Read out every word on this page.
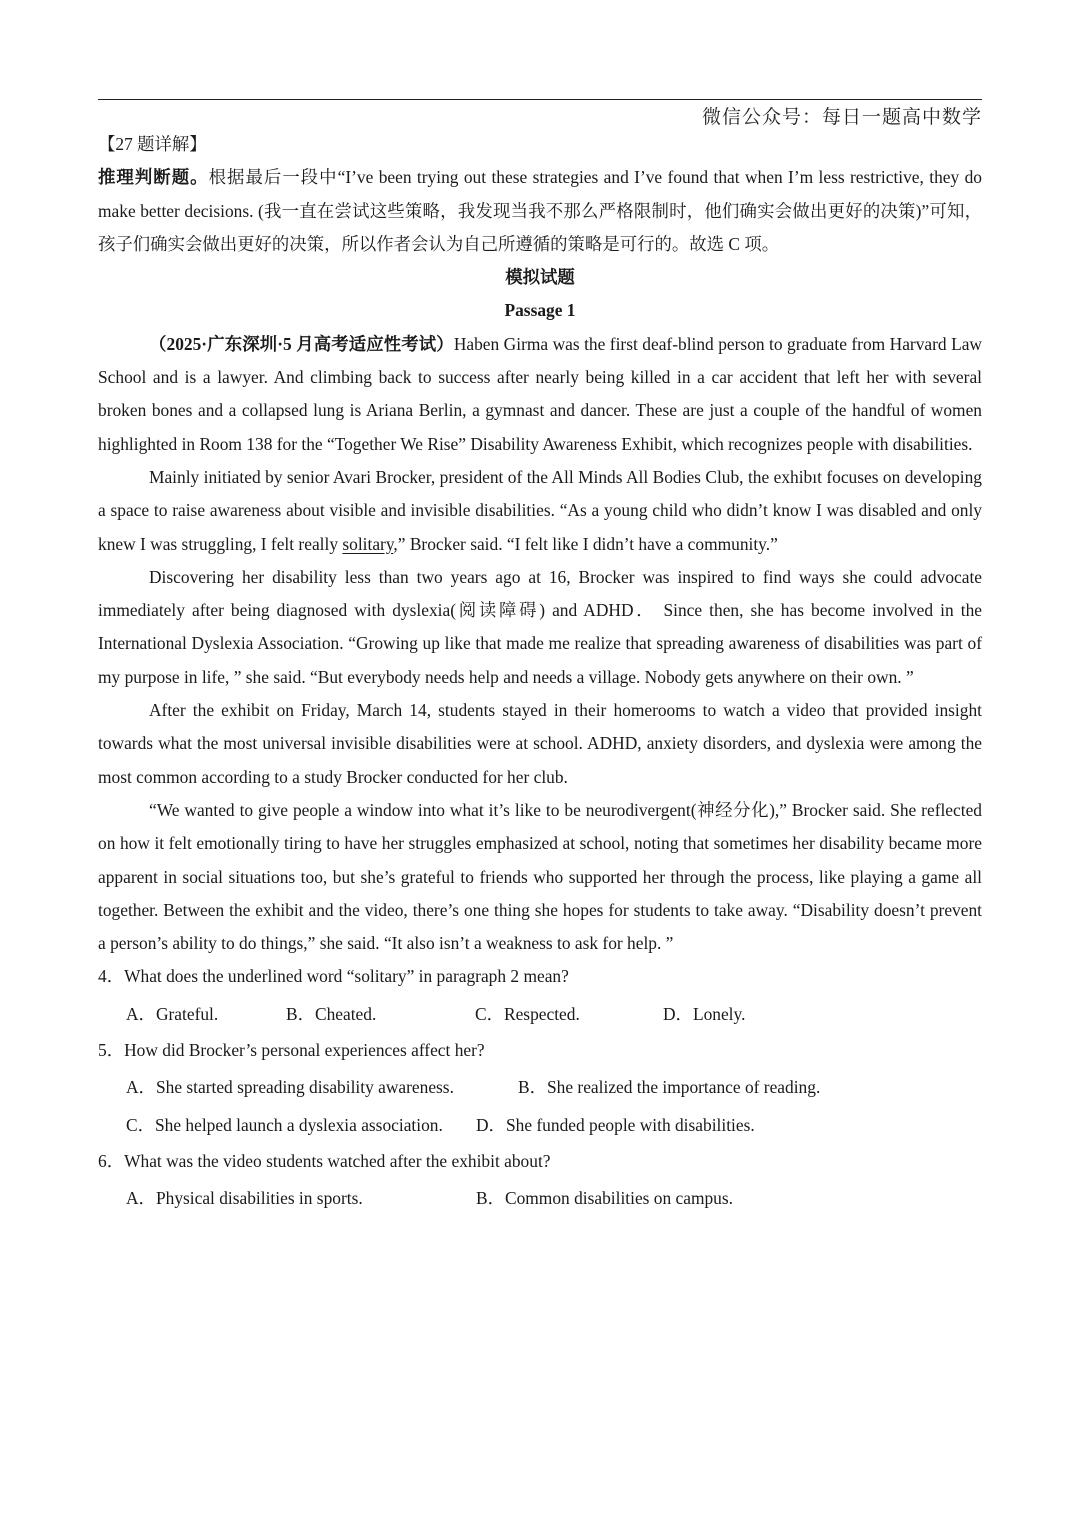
微信公众号：每日一题高中数学

【27 题详解】

推理判断题。根据最后一段中“I’ve been trying out these strategies and I’ve found that when I’m less restrictive, they do make better decisions. (我一直在尝试这些策略，我发现当我不那么严格限制时，他们确实会做出更好的决策)”可知，孩子们确实会做出更好的决策，所以作者会认为自己所遵循的策略是可行的。故选 C 项。

模拟试题

Passage 1

（2025·广东深圳·5 月高考适应性考试）Haben Girma was the first deaf-blind person to graduate from Harvard Law School and is a lawyer. And climbing back to success after nearly being killed in a car accident that left her with several broken bones and a collapsed lung is Ariana Berlin, a gymnast and dancer. These are just a couple of the handful of women highlighted in Room 138 for the “Together We Rise” Disability Awareness Exhibit, which recognizes people with disabilities.

Mainly initiated by senior Avari Brocker, president of the All Minds All Bodies Club, the exhibıt focuses on developing a space to raise awareness about visible and invisible disabilities. “As a young child who didn’t know I was disabled and only knew I was struggling, I felt really solitary,” Brocker said. “I felt like I didn’t have a community.”

Discovering her disability less than two years ago at 16, Brocker was inspired to find ways she could advocate immediately after being diagnosed with dyslexia(阅读障碍) and ADHD． Since then, she has become involved in the International Dyslexia Association. “Growing up like that made me realize that spreading awareness of disabilities was part of my purpose in life, ” she said. “But everybody needs help and needs a village. Nobody gets anywhere on their own. ”

After the exhibit on Friday, March 14, students stayed in their homerooms to watch a video that provided insight towards what the most universal invisible disabilities were at school. ADHD, anxiety disorders, and dyslexia were among the most common according to a study Brocker conducted for her club.

“We wanted to give people a window into what it’s like to be neurodivergent(神经分化),” Brocker said. She reflected on how it felt emotionally tiring to have her struggles emphasized at school, noting that sometimes her disability became more apparent in social situations too, but she’s grateful to friends who supported her through the process, like playing a game all together. Between the exhibit and the video, there’s one thing she hopes for students to take away. “Disability doesn’t prevent a person’s ability to do things,” she said. “It also isn’t a weakness to ask for help. ”

4．What does the underlined word “solitary” in paragraph 2 mean?

A．Grateful.	B．Cheated.	C．Respected.	D．Lonely.

5．How did Brocker’s personal experiences affect her?

A．She started spreading disability awareness.	B．She realized the importance of reading.
C．She helped launch a dyslexia association.	D．She funded people with disabilities.

6．What was the video students watched after the exhibit about?

A．Physical disabilities in sports.	B．Common disabilities on campus.
